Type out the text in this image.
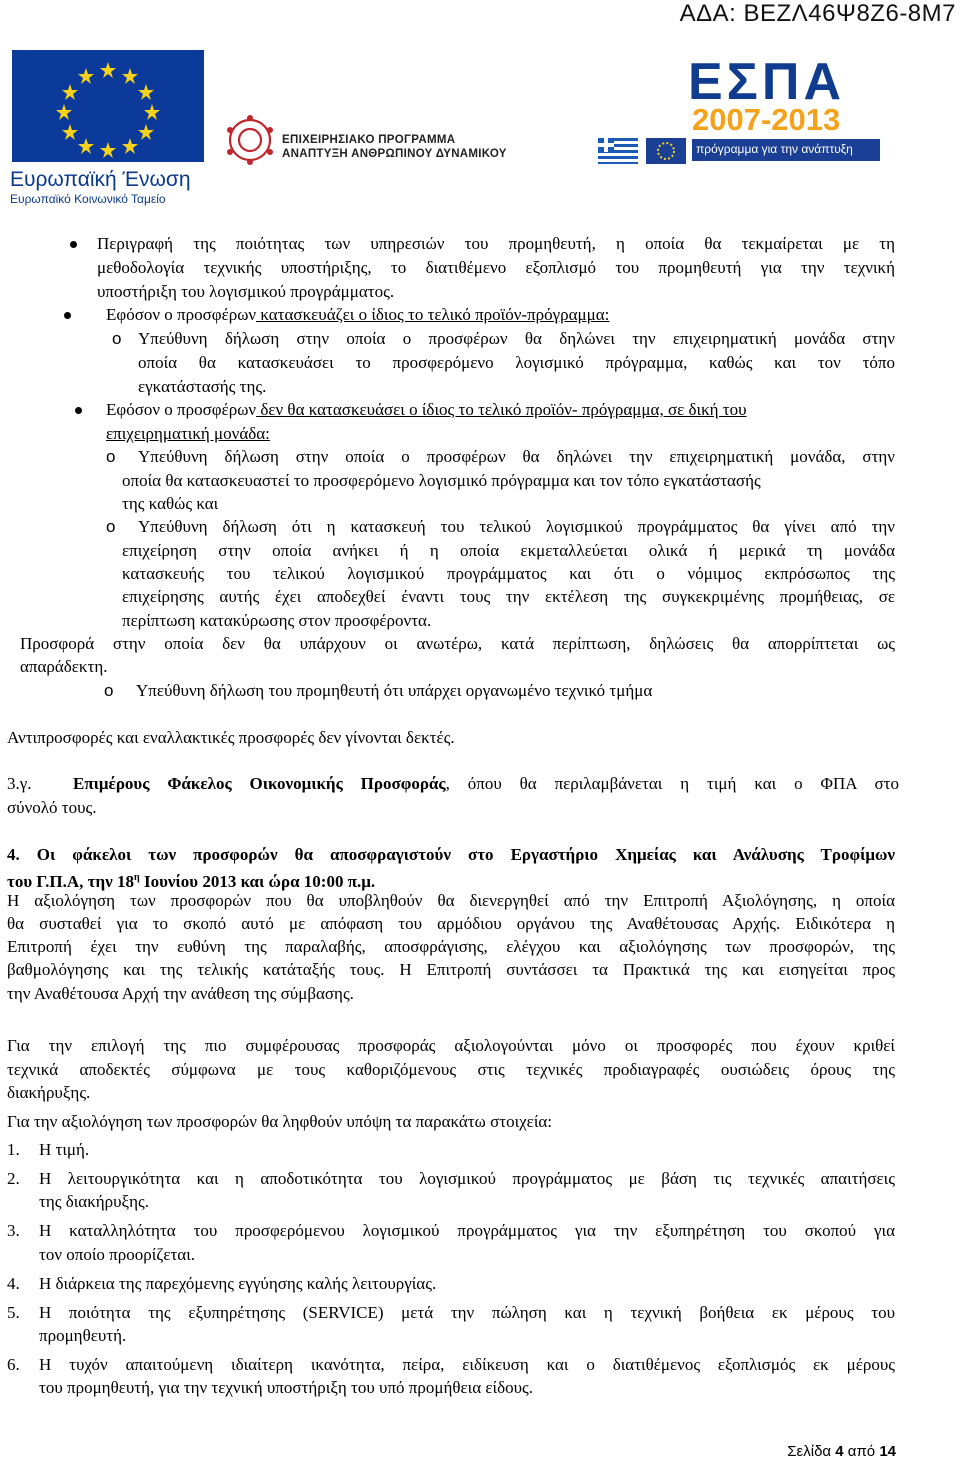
ΑΔΑ: ΒΕΖΛ46Ψ8Ζ6-8Μ7
Ευρωπαϊκή Ένωση
Ευρωπαϊκό Κοινωνικό Ταμείο
ΕΠΙΧΕΙΡΗΣΙΑΚΟ ΠΡΟΓΡΑΜΜΑ
ΑΝΑΠΤΥΞΗ ΑΝΘΡΩΠΙΝΟΥ ΔΥΝΑΜΙΚΟΥ
ΕΣΠΑ
2007-2013
πρόγραμμα για την ανάπτυξη
Περιγραφή της ποιότητας των υπηρεσιών του προμηθευτή, η οποία θα τεκμαίρεται με τη
μεθοδολογία τεχνικής υποστήριξης, το διατιθέμενο εξοπλισμό του προμηθευτή για την τεχνική
υποστήριξη του λογισμικού προγράμματος.
Εφόσον ο προσφέρων κατασκευάζει ο ίδιος το τελικό προϊόν-πρόγραμμα:
o Υπεύθυνη δήλωση στην οποία ο προσφέρων θα δηλώνει την επιχειρηματική μονάδα στην
οποία θα κατασκευάσει το προσφερόμενο λογισμικό πρόγραμμα, καθώς και τον τόπο
εγκατάστασής της.
Εφόσον ο προσφέρων δεν θα κατασκευάσει ο ίδιος το τελικό προϊόν- πρόγραμμα, σε δική του
επιχειρηματική μονάδα:
o Υπεύθυνη δήλωση στην οποία ο προσφέρων θα δηλώνει την επιχειρηματική μονάδα, στην
οποία θα κατασκευαστεί το προσφερόμενο λογισμικό πρόγραμμα και τον τόπο εγκατάστασής
της καθώς και
o Υπεύθυνη δήλωση ότι η κατασκευή του τελικού λογισμικού προγράμματος θα γίνει από την
επιχείρηση στην οποία ανήκει ή η οποία εκμεταλλεύεται ολικά ή μερικά τη μονάδα
κατασκευής του τελικού λογισμικού προγράμματος και ότι ο νόμιμος εκπρόσωπος της
επιχείρησης αυτής έχει αποδεχθεί έναντι τους την εκτέλεση της συγκεκριμένης προμήθειας, σε
περίπτωση κατακύρωσης στον προσφέροντα.
Προσφορά στην οποία δεν θα υπάρχουν οι ανωτέρω, κατά περίπτωση, δηλώσεις θα απορρίπτεται ως
απαράδεκτη.
o Υπεύθυνη δήλωση του προμηθευτή ότι υπάρχει οργανωμένο τεχνικό τμήμα
Αντιπροσφορές και εναλλακτικές προσφορές δεν γίνονται δεκτές.
3.γ. Επιμέρους Φάκελος Οικονομικής Προσφοράς, όπου θα περιλαμβάνεται η τιμή και ο ΦΠΑ στο
σύνολό τους.
4. Οι φάκελοι των προσφορών θα αποσφραγιστούν στο Εργαστήριο Χημείας και Ανάλυσης Τροφίμων
του Γ.Π.Α, την $18^\eta$ Ιουνίου 2013 και ώρα 10:00 π.μ.
Η αξιολόγηση των προσφορών που θα υποβληθούν θα διενεργηθεί από την Επιτροπή Αξιολόγησης, η οποία
θα συσταθεί για το σκοπό αυτό με απόφαση του αρμόδιου οργάνου της Αναθέτουσας Αρχής. Ειδικότερα η
Επιτροπή έχει την ευθύνη της παραλαβής, αποσφράγισης, ελέγχου και αξιολόγησης των προσφορών, της
βαθμολόγησης και της τελικής κατάταξής τους. Η Επιτροπή συντάσσει τα Πρακτικά της και εισηγείται προς
την Αναθέτουσα Αρχή την ανάθεση της σύμβασης.
Για την επιλογή της πιο συμφέρουσας προσφοράς αξιολογούνται μόνο οι προσφορές που έχουν κριθεί
τεχνικά αποδεκτές σύμφωνα με τους καθοριζόμενους στις τεχνικές προδιαγραφές ουσιώδεις όρους της
διακήρυξης.
Για την αξιολόγηση των προσφορών θα ληφθούν υπόψη τα παρακάτω στοιχεία:
1. Η τιμή.
2. Η λειτουργικότητα και η αποδοτικότητα του λογισμικού προγράμματος με βάση τις τεχνικές απαιτήσεις
της διακήρυξης.
3. Η καταλληλότητα του προσφερόμενου λογισμικού προγράμματος για την εξυπηρέτηση του σκοπού για
τον οποίο προορίζεται.
4. Η διάρκεια της παρεχόμενης εγγύησης καλής λειτουργίας.
5. Η ποιότητα της εξυπηρέτησης (SERVICE) μετά την πώληση και η τεχνική βοήθεια εκ μέρους του
προμηθευτή.
6. Η τυχόν απαιτούμενη ιδιαίτερη ικανότητα, πείρα, ειδίκευση και ο διατιθέμενος εξοπλισμός εκ μέρους
του προμηθευτή, για την τεχνική υποστήριξη του υπό προμήθεια είδους.
Σελίδα 4 από 14
